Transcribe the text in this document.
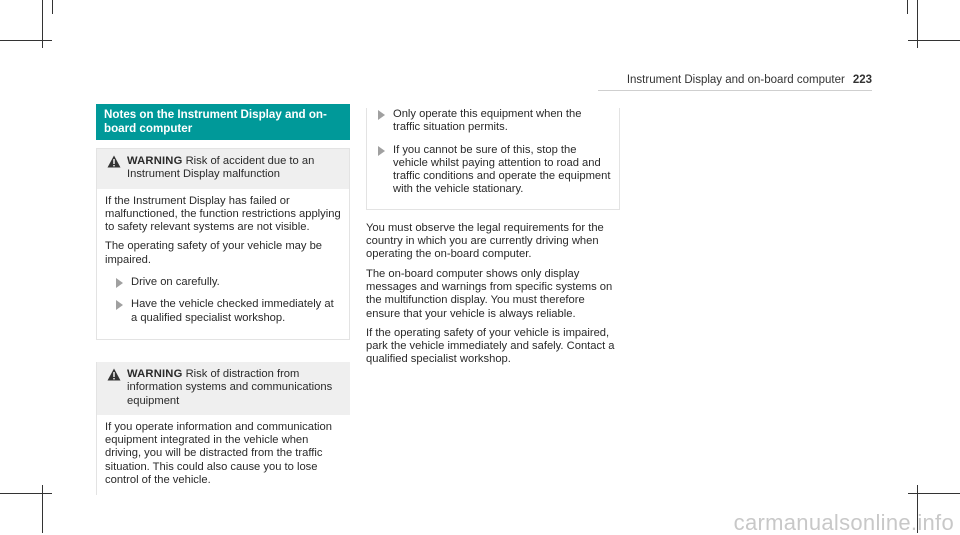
Instrument Display and on-board computer 223
Notes on the Instrument Display and on-board computer
WARNING Risk of accident due to an Instrument Display malfunction

If the Instrument Display has failed or malfunctioned, the function restrictions applying to safety relevant systems are not visible.

The operating safety of your vehicle may be impaired.

Drive on carefully.
Have the vehicle checked immediately at a qualified specialist workshop.
WARNING Risk of distraction from information systems and communications equipment

If you operate information and communication equipment integrated in the vehicle when driving, you will be distracted from the traffic situation. This could also cause you to lose control of the vehicle.

Only operate this equipment when the traffic situation permits.
If you cannot be sure of this, stop the vehicle whilst paying attention to road and traffic conditions and operate the equipment with the vehicle stationary.

You must observe the legal requirements for the country in which you are currently driving when operating the on-board computer.

The on-board computer shows only display messages and warnings from specific systems on the multifunction display. You must therefore ensure that your vehicle is always reliable.

If the operating safety of your vehicle is impaired, park the vehicle immediately and safely. Contact a qualified specialist workshop.

carmanualsonline.info
